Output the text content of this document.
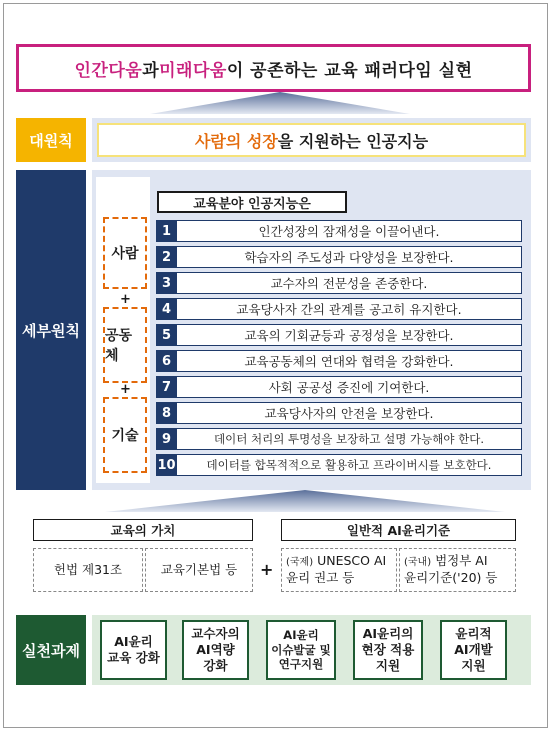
인간다움 과 미래다움 이 공존하는 교육 패러다임 실현
대원칙	사람의 성장 을 지원하는 인공지능
세부원칙
사람
+
공동체
+
기술
교육분야 인공지능은
1	인간성장의 잠재성을 이끌어낸다.
2	학습자의 주도성과 다양성을 보장한다.
3	교수자의 전문성을 존중한다.
4	교육당사자 간의 관계를 공고히 유지한다.
5	교육의 기회균등과 공정성을 보장한다.
6	교육공동체의 연대와 협력을 강화한다.
7	사회 공공성 증진에 기여한다.
8	교육당사자의 안전을 보장한다.
9	데이터 처리의 투명성을 보장하고 설명 가능해야 한다.
10	데이터를 합목적적으로 활용하고 프라이버시를 보호한다.
교육의 가치	일반적 AI윤리기준
헌법 제31조	교육기본법 등	+ (국제) UNESCO AI
윤리 권고 등
(국내) 범정부 AI
윤리기준('20) 등
실천과제
AI윤리
교육 강화
교수자의
AI역량
강화
AI윤리
이슈발굴 및
연구지원
AI윤리의
현장 적용
지원
윤리적
AI개발
지원
